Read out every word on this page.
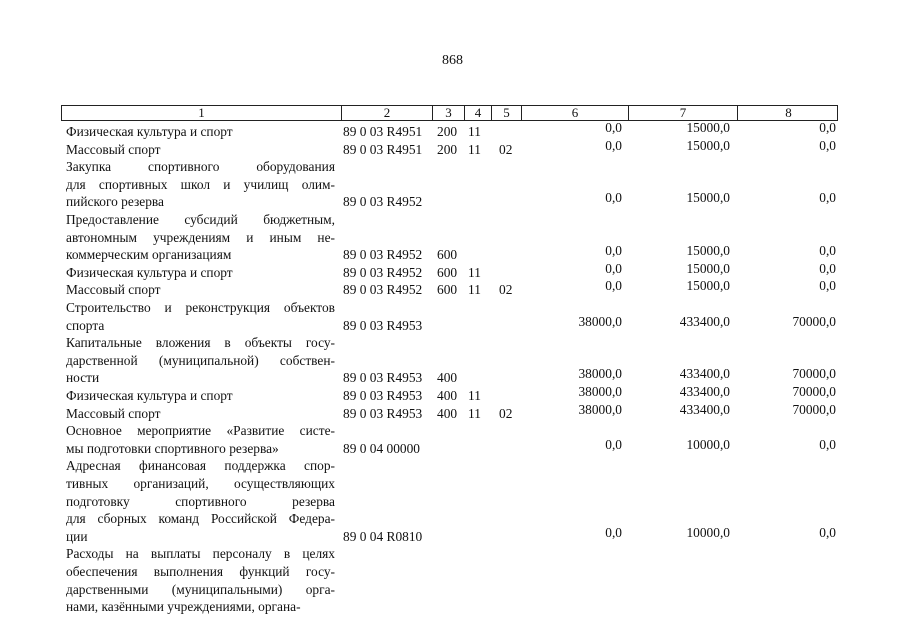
868
1	2	3	4	5	6	7	8
Физическая культура и спорт	89 0 03 R4951 200 11	0,0	15000,0	0,0
Массовый спорт	89 0 03 R4951 200 11 02	0,0	15000,0	0,0
Закупка спортивного оборудования
для спортивных школ и училищ олим-
пийского резерва	89 0 03 R4952	0,0	15000,0	0,0
Предоставление субсидий бюджетным,
автономным учреждениям и иным не-
коммерческим организациям	89 0 03 R4952 600	0,0	15000,0	0,0
Физическая культура и спорт	89 0 03 R4952 600 11	0,0	15000,0	0,0
Массовый спорт	89 0 03 R4952 600 11 02	0,0	15000,0	0,0
Строительство и реконструкция объектов
спорта	89 0 03 R4953	38000,0	433400,0	70000,0
Капитальные вложения в объекты госу-
дарственной (муниципальной) собствен-
ности	89 0 03 R4953 400	38000,0	433400,0	70000,0
Физическая культура и спорт	89 0 03 R4953 400 11	38000,0	433400,0	70000,0
Массовый спорт	89 0 03 R4953 400 11 02	38000,0	433400,0	70000,0
Основное мероприятие «Развитие систе-
мы подготовки спортивного резерва»	89 0 04 00000	0,0	10000,0	0,0
Адресная финансовая поддержка спор-
тивных организаций, осуществляющих
подготовку спортивного резерва
для сборных команд Российской Федера-
ции	89 0 04 R0810	0,0	10000,0	0,0
Расходы на выплаты персоналу в целях
обеспечения выполнения функций госу-
дарственными (муниципальными) орга-
нами, казёнными учреждениями, органа-
